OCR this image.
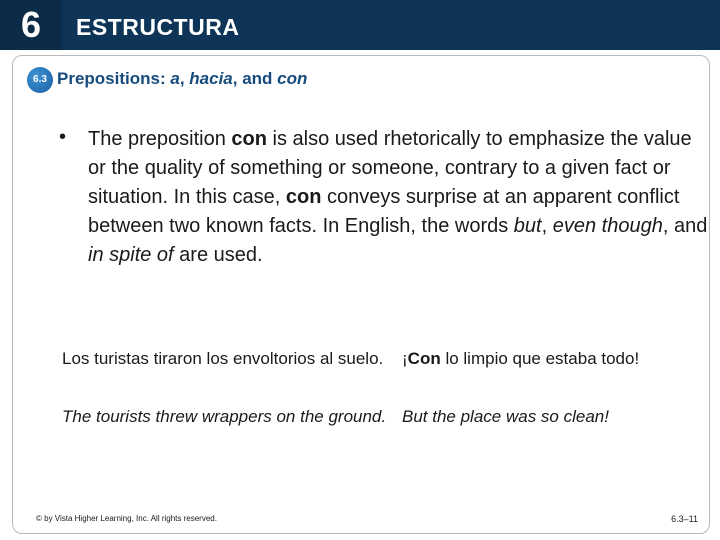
6	ESTRUCTURA
6.3 Prepositions: a, hacia, and con
• The preposition con is also used rhetorically to emphasize the value or the quality of something or someone, contrary to a given fact or situation. In this case, con conveys surprise at an apparent conflict between two known facts. In English, the words but, even though, and in spite of are used.
Los turistas tiraron los envoltorios al suelo.	¡Con lo limpio que estaba todo!
The tourists threw wrappers on the ground. But the place was so clean!
© by Vista Higher Learning, Inc. All rights reserved.	6.3–11
